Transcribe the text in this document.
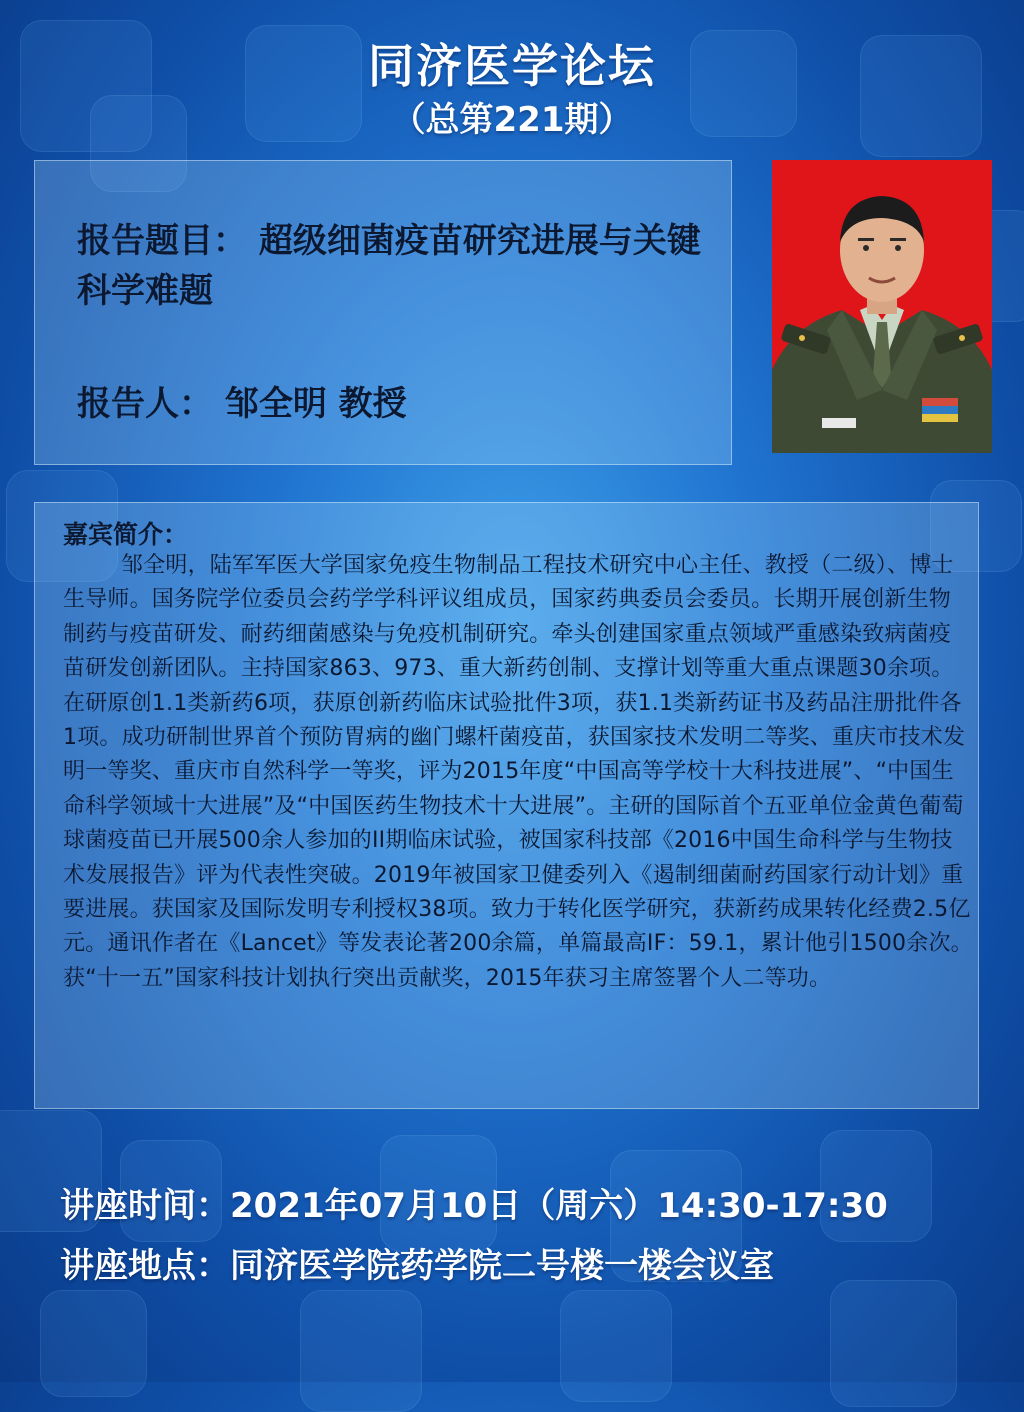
同济医学论坛
（总第221期）
报告题目： 超级细菌疫苗研究进展与关键科学难题
报告人： 邹全明 教授
嘉宾简介：
邹全明，陆军军医大学国家免疫生物制品工程技术研究中心主任、教授（二级）、博士生导师。国务院学位委员会药学学科评议组成员，国家药典委员会委员。长期开展创新生物制药与疫苗研发、耐药细菌感染与免疫机制研究。牵头创建国家重点领域严重感染致病菌疫苗研发创新团队。主持国家863、973、重大新药创制、支撑计划等重大重点课题30余项。在研原创1.1类新药6项，获原创新药临床试验批件3项，获1.1类新药证书及药品注册批件各1项。成功研制世界首个预防胃病的幽门螺杆菌疫苗，获国家技术发明二等奖、重庆市技术发明一等奖、重庆市自然科学一等奖，评为2015年度“中国高等学校十大科技进展”、“中国生命科学领域十大进展”及“中国医药生物技术十大进展”。主研的国际首个五亚单位金黄色葡萄球菌疫苗已开展500余人参加的II期临床试验，被国家科技部《2016中国生命科学与生物技术发展报告》评为代表性突破。2019年被国家卫健委列入《遏制细菌耐药国家行动计划》重要进展。获国家及国际发明专利授权38项。致力于转化医学研究，获新药成果转化经费2.5亿元。通讯作者在《Lancet》等发表论著200余篇，单篇最高IF：59.1，累计他引1500余次。获“十一五”国家科技计划执行突出贡献奖，2015年获习主席签署个人二等功。
讲座时间：2021年07月10日（周六）14:30-17:30
讲座地点：同济医学院药学院二号楼一楼会议室
